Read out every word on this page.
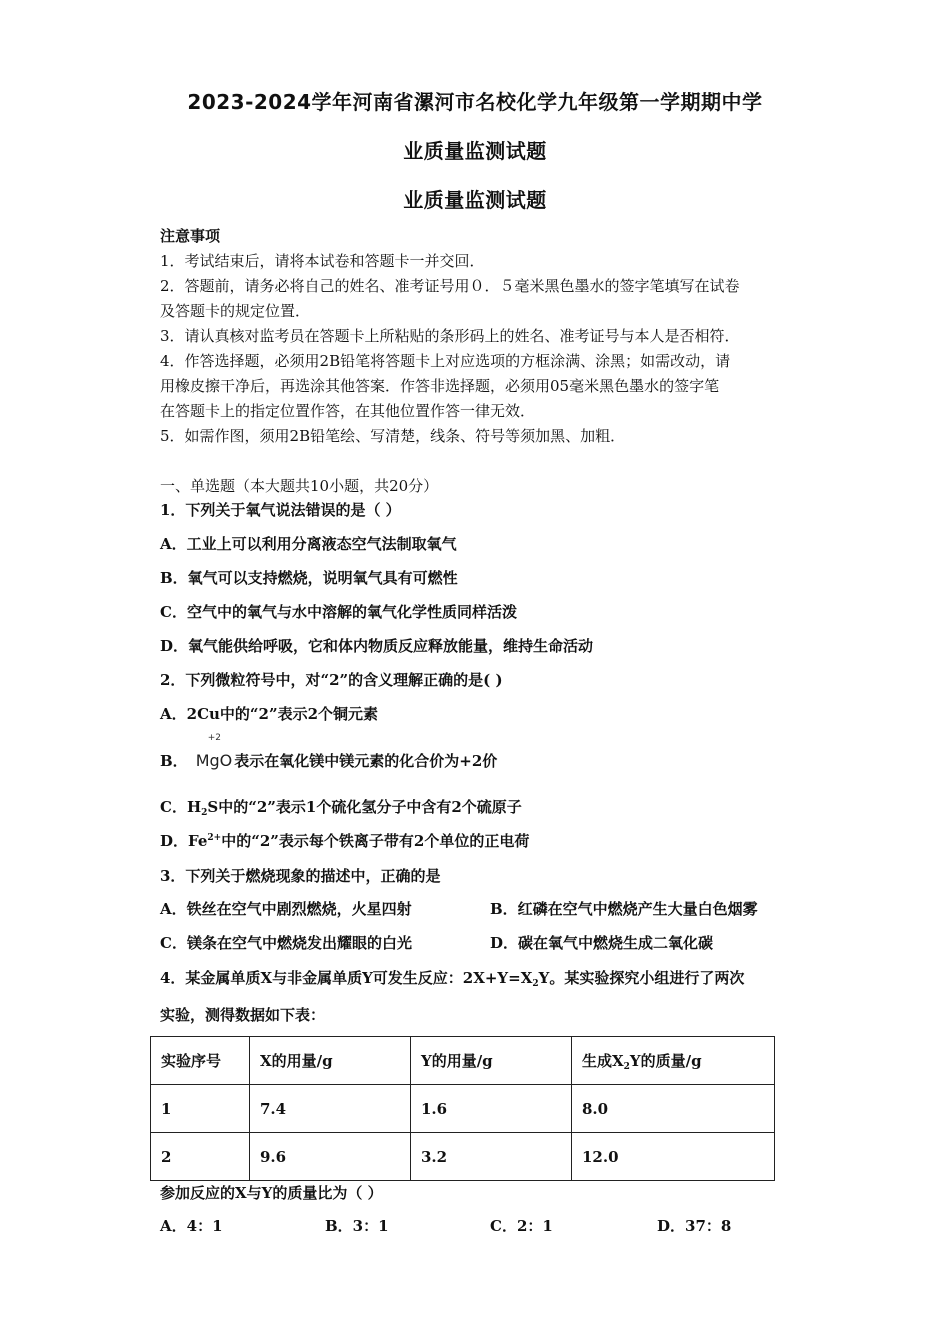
2023-2024学年河南省漯河市名校化学九年级第一学期期中学
业质量监测试题
业质量监测试题
注意事项
1．考试结束后，请将本试卷和答题卡一并交回．
2．答题前，请务必将自己的姓名、准考证号用０．５毫米黑色墨水的签字笔填写在试卷
及答题卡的规定位置．
3．请认真核对监考员在答题卡上所粘贴的条形码上的姓名、准考证号与本人是否相符．
4．作答选择题，必须用2B铅笔将答题卡上对应选项的方框涂满、涂黑；如需改动，请
用橡皮擦干净后，再选涂其他答案．作答非选择题，必须用05毫米黑色墨水的签字笔
在答题卡上的指定位置作答，在其他位置作答一律无效．
5．如需作图，须用2B铅笔绘、写清楚，线条、符号等须加黑、加粗．
一、单选题（本大题共10小题，共20分）
1．下列关于氧气说法错误的是（ ）
A．工业上可以利用分离液态空气法制取氧气
B．氧气可以支持燃烧，说明氧气具有可燃性
C．空气中的氧气与水中溶解的氧气化学性质同样活泼
D．氧气能供给呼吸，它和体内物质反应释放能量，维持生命活动
2．下列微粒符号中，对“2”的含义理解正确的是( )
A．2Cu中的“2”表示2个铜元素
B．
+2
MgO 表示在氧化镁中镁元素的化合价为+2价
C．$H_2S$中的“2”表示1个硫化氢分子中含有2个硫原子
D．$Fe^{2+}$中的“2”表示每个铁离子带有2个单位的正电荷
3．下列关于燃烧现象的描述中，正确的是
A．铁丝在空气中剧烈燃烧，火星四射	B．红磷在空气中燃烧产生大量白色烟雾
C．镁条在空气中燃烧发出耀眼的白光	D．碳在氧气中燃烧生成二氧化碳
4．某金属单质X与非金属单质Y可发生反应：$2X+Y=X_2Y$。某实验探究小组进行了两次
实验，测得数据如下表：
实验序号	X的用量/g	Y的用量/g	生成$X_2Y$的质量/g
1	7.4	1.6	8.0
2	9.6	3.2	12.0
参加反应的X与Y的质量比为（ ）
A．4：1	B．3：1	C．2：1	D．37：8
